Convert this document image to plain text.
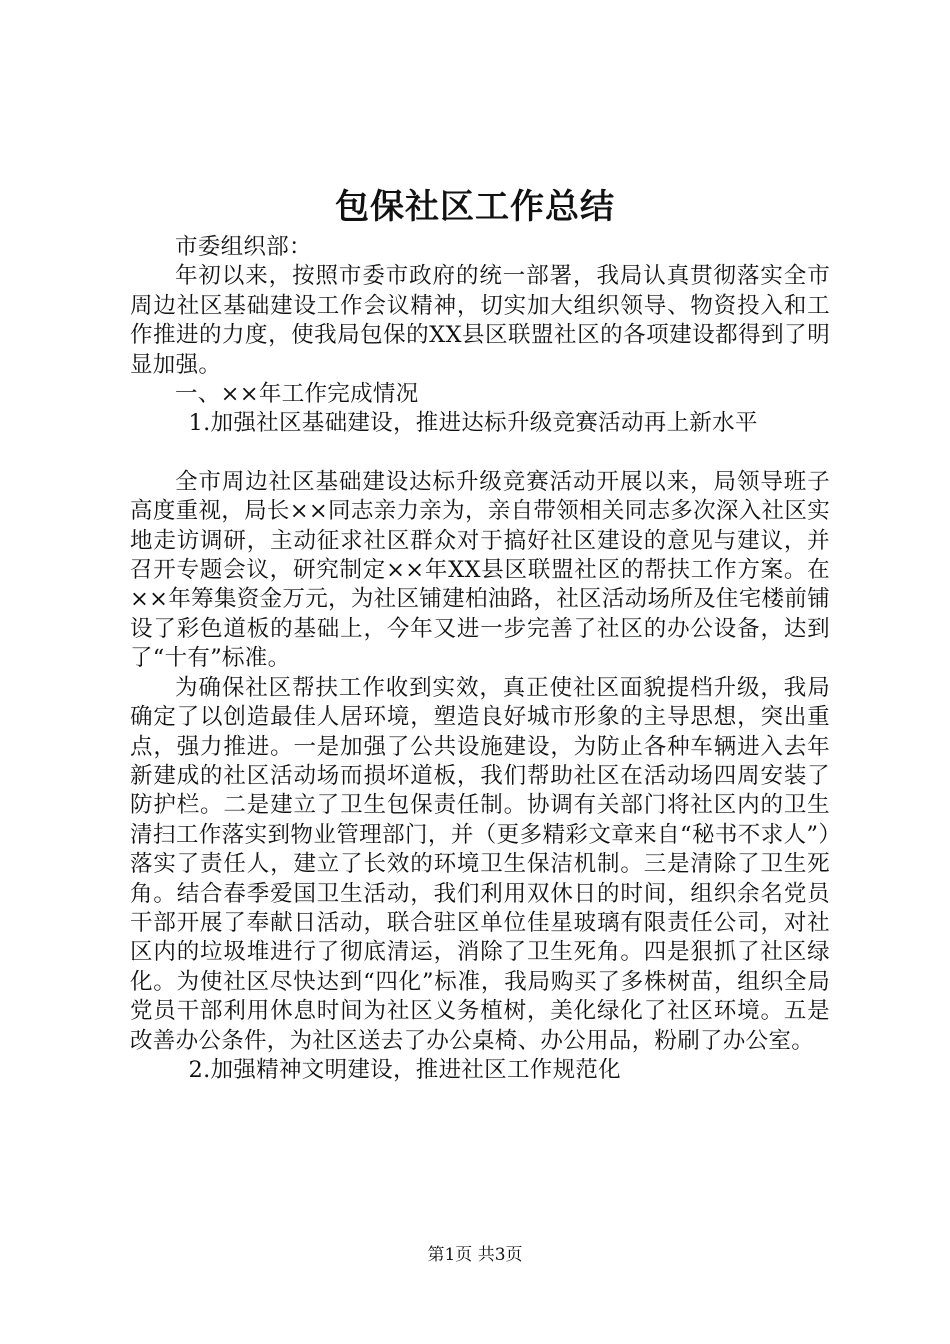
包保社区工作总结

市委组织部：

年初以来，按照市委市政府的统一部署，我局认真贯彻落实全市周边社区基础建设工作会议精神，切实加大组织领导、物资投入和工作推进的力度，使我局包保的XX县区联盟社区的各项建设都得到了明显加强。

一、××年工作完成情况

1.加强社区基础建设，推进达标升级竞赛活动再上新水平

全市周边社区基础建设达标升级竞赛活动开展以来，局领导班子高度重视，局长××同志亲力亲为，亲自带领相关同志多次深入社区实地走访调研，主动征求社区群众对于搞好社区建设的意见与建议，并召开专题会议，研究制定××年XX县区联盟社区的帮扶工作方案。在××年筹集资金万元，为社区铺建柏油路，社区活动场所及住宅楼前铺设了彩色道板的基础上，今年又进一步完善了社区的办公设备，达到了“十有”标准。

为确保社区帮扶工作收到实效，真正使社区面貌提档升级，我局确定了以创造最佳人居环境，塑造良好城市形象的主导思想，突出重点，强力推进。一是加强了公共设施建设，为防止各种车辆进入去年新建成的社区活动场而损坏道板，我们帮助社区在活动场四周安装了防护栏。二是建立了卫生包保责任制。协调有关部门将社区内的卫生清扫工作落实到物业管理部门，并（更多精彩文章来自“秘书不求人”）落实了责任人，建立了长效的环境卫生保洁机制。三是清除了卫生死角。结合春季爱国卫生活动，我们利用双休日的时间，组织余名党员干部开展了奉献日活动，联合驻区单位佳星玻璃有限责任公司，对社区内的垃圾堆进行了彻底清运，消除了卫生死角。四是狠抓了社区绿化。为使社区尽快达到“四化”标准，我局购买了多株树苗，组织全局党员干部利用休息时间为社区义务植树，美化绿化了社区环境。五是改善办公条件，为社区送去了办公桌椅、办公用品，粉刷了办公室。

2.加强精神文明建设，推进社区工作规范化

第1页 共3页
